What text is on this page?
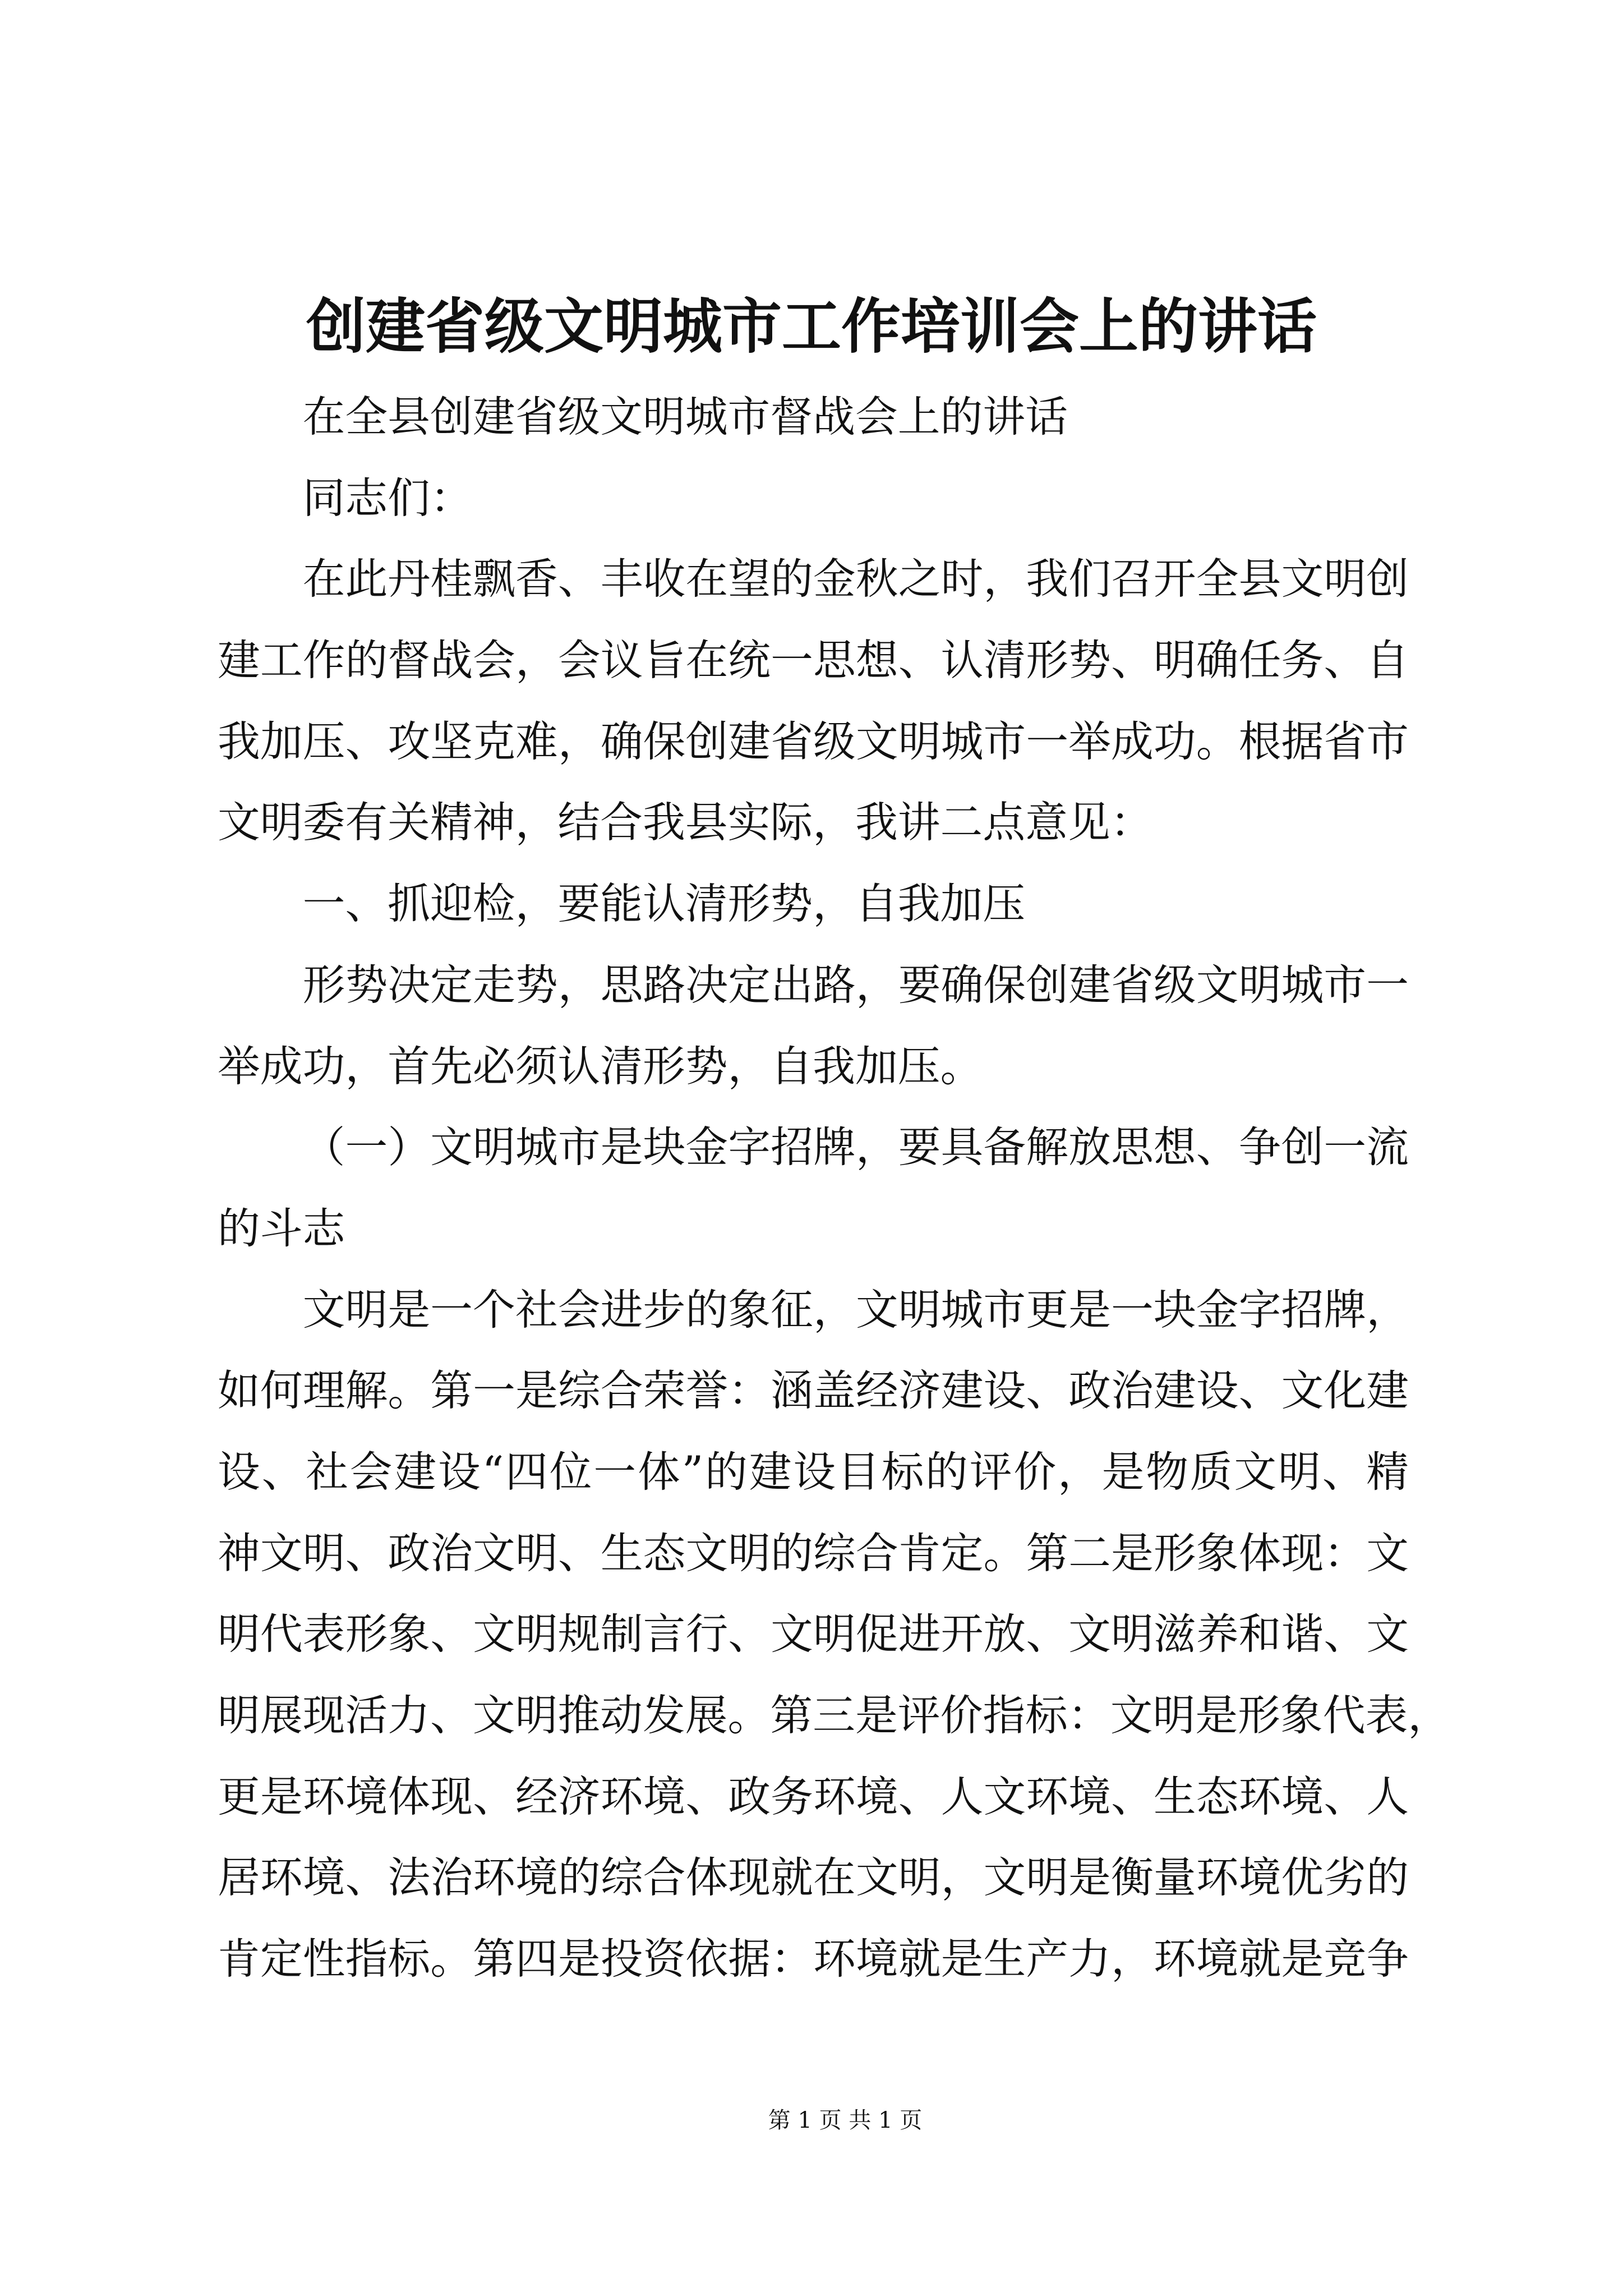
创建省级文明城市工作培训会上的讲话
在全县创建省级文明城市督战会上的讲话
同志们：
在此丹桂飘香、丰收在望的金秋之时，我们召开全县文明创
建工作的督战会，会议旨在统一思想、认清形势、明确任务、自
我加压、攻坚克难，确保创建省级文明城市一举成功。根据省市
文明委有关精神，结合我县实际，我讲二点意见：
一、抓迎检，要能认清形势，自我加压
形势决定走势，思路决定出路，要确保创建省级文明城市一
举成功，首先必须认清形势，自我加压。
（一）文明城市是块金字招牌，要具备解放思想、争创一流
的斗志
文明是一个社会进步的象征，文明城市更是一块金字招牌，
如何理解。第一是综合荣誉：涵盖经济建设、政治建设、文化建
设、社会建设“四位一体”的建设目标的评价，是物质文明、精
神文明、政治文明、生态文明的综合肯定。第二是形象体现：文
明代表形象、文明规制言行、文明促进开放、文明滋养和谐、文
明展现活力、文明推动发展。第三是评价指标：文明是形象代表，
更是环境体现、经济环境、政务环境、人文环境、生态环境、人
居环境、法治环境的综合体现就在文明，文明是衡量环境优劣的
肯定性指标。第四是投资依据：环境就是生产力，环境就是竞争
第 1 页 共 1 页
